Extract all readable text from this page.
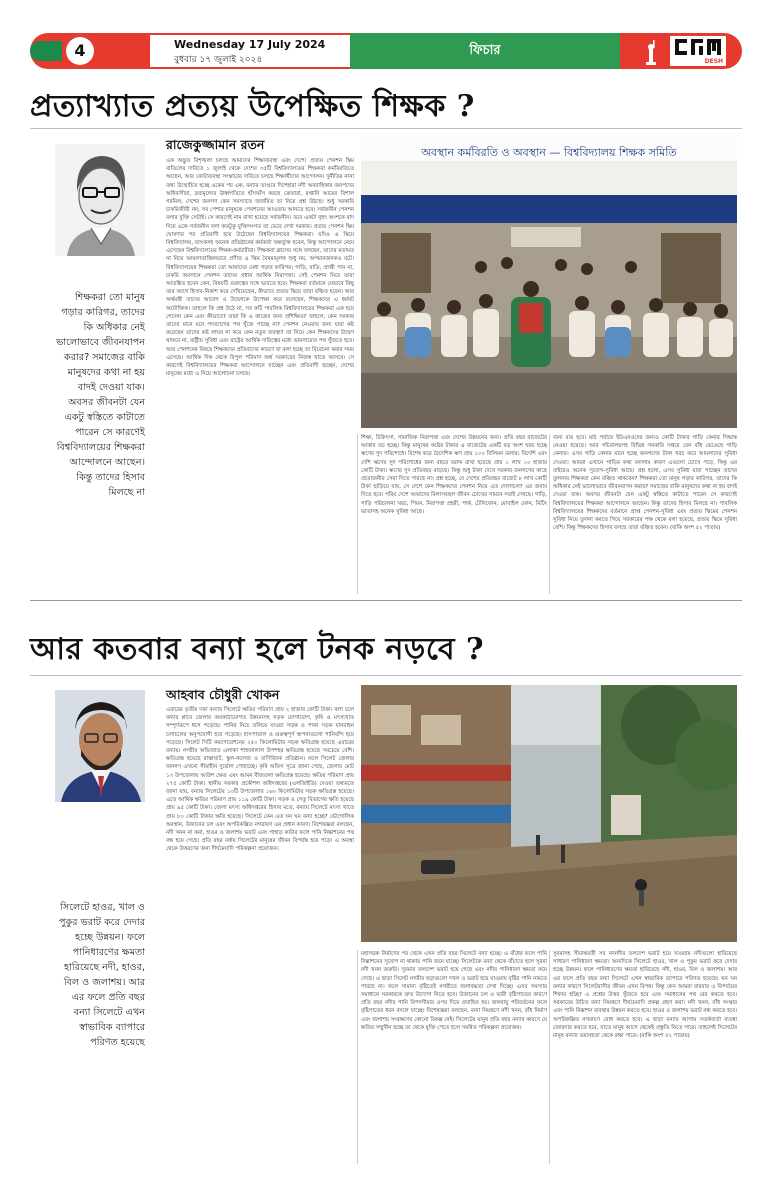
4	Wednesday 17 July 2024
বুধবার ১৭ জুলাই ২০২৪
ফিচার
DESH
প্রত্যাখ্যাত প্রত্যয় উপেক্ষিত শিক্ষক ?
রাজেকুজ্জামান রতন
শিক্ষকরা তো মানুষ গড়ার কারিগর, তাদের কি অধিকার নেই ভালোভাবে জীবনযাপন করার? সমাজের বাকি মানুষদের কথা না হয় বাদই দেওয়া যাক। অবসর জীবনটা যেন একটু স্বস্তিতে কাটাতে পারেন সে কারণেই বিশ্ববিদ্যালয়ের শিক্ষকরা আন্দোলনে আছেন। কিন্তু তাদের হিসাব মিলছে না
এক অদ্ভুত বিশৃঙ্খলা চলছে আমাদের শিক্ষাব্যবস্থা এবং দেশে। প্রত্যয় পেনশন স্কিম বাতিলের দাবিতে ১ জুলাই থেকে দেশের ৩৫টি বিশ্ববিদ্যালয়ের শিক্ষকরা কর্মবিরতিতে আছেন, আর কোটাব্যবস্থা সংস্কারের দাবিতে চলছে শিক্ষার্থীদের আন্দোলন। দুর্নীতির নানা তথ্য উন্মোচিত হচ্ছে একের পর এক, বন্যার তাণ্ডবে দিশেহারা নদী অববাহিকার জনপদের অধিবাসীরা, দ্রব্যমূল্যের ঊর্ধ্বগতিতে হাঁসফাঁস করছে ক্রেতারা, রপ্তানি আয়ের বিশাল গরমিল, দেশের জনগণ কেন সমস্যাতে জর্জরিত তা নিয়ে প্রশ্ন উঠছে। শুধু সরকারি চাকরিজীবী নন, সব পেশার মানুষকে পেনশনের আওতায় আনতে হবে। সর্বজনীন পেনশন বলার যুক্তি সেটাই। সে কারণেই নাম রাখা হয়েছে সর্বজনীন। তবে একটা বৃহৎ অংশকে বাদ দিয়ে একে সর্বজনীন বলা কতটুকু যুক্তিসংগত তা ভেবে দেখা দরকার। প্রত্যয় পেনশন স্কিম ঘোষণার পর প্রতিবাদী হয়ে উঠেছেন বিশ্ববিদ্যালয়ের শিক্ষকরা। যদিও এ স্কিমে বিশ্ববিদ্যালয়, ব্যাংকসহ অনেক প্রতিষ্ঠানের কর্মকর্তা অন্তর্ভুক্ত হবেন, কিন্তু আন্দোলনে নেমে এসেছেন বিশ্ববিদ্যালয়ের শিক্ষক-কর্মচারীরা। শিক্ষকরা ক্লাসের সঙ্গে বলছেন, তাদের মতামত না নিয়ে আমলাতান্ত্রিকভাবে প্রণীত এ স্কিম বৈষম্যমূলক শুধু নয়, অপমানজনকও বটে। বিশ্ববিদ্যালয়ের শিক্ষকরা তো আমাদের মেধা গড়ার কারিগর। গাড়ি, বাড়ি, প্রাপ্তী পান না, চাকরি অবসানে পেনশন তাদের প্রধান আর্থিক নিরাপত্তা। সেই পেনশন নিয়ে তারা আতঙ্কিত হবেন কেন, বিষয়টি গুরুত্বের সঙ্গে ভাবতে হবে। শিক্ষকরা বর্তমানে যেভাবে কিছু তার আগে হিসাব-নিকাশ করে দেখিয়েছেন, কীভাবে প্রত্যয় স্কিমে তারা বঞ্চিত হবেন। আর অর্থমন্ত্রী তাদের আবেগ ও উদ্বেগকে উপেক্ষা করে বলেছেন, শিক্ষকদের এ ধর্মঘট অযৌক্তিক। তাহলে কি প্রশ্ন উঠে না, সব কটি পাবলিক বিশ্ববিদ্যালয়ের শিক্ষকরা এক হয়ে গেলেন কেন এবং কীভাবে? তারা কি এ কাজের জন্য প্রশিক্ষিত? তাহলে, কেন সরকার তাদের মানে মনে পদত্যাগের পথ খুঁজে পাচ্ছে না? পেনশন নেওয়ার জন্য যারা কষ্ট করেছেন তাদের কষ্ট লাঘব না করে কেন নতুন ব্যবস্থা? তা নিয়ে কেন শিক্ষকদের উদ্বেগ থাকবে না, রাষ্ট্রীয় সুবিধা এবং রাষ্ট্রের আর্থিক দায়িত্বের মধ্যে ভারসাম্যের পথ খুঁজতে হবে। আর পেনশনের বিষয়ে শিক্ষকদের প্রতিবাদের কারণে যা বলা হচ্ছে তা বিবেচনা করার সময় এসেছে। আর্থিক দিক থেকে বিপুল পরিমাণ অর্থ সরকারের নিজস্ব খাতে আসবে। সে কারণেই বিশ্ববিদ্যালয়ের শিক্ষকরা আন্দোলনে যাচ্ছেন এবং প্রতিবাদী হচ্ছেন, দেশের মানুষের মধ্যে এ নিয়ে আলোচনা চলছে।
অবস্থান কর্মবিরতি ও অবস্থান — বিশ্ববিদ্যালয় শিক্ষক সমিতি
শিক্ষা, চিকিৎসা, সামাজিক নিরাপত্তা এবং দেশের উন্নয়নের জন্য। প্রতি বছর বাজেটের আকার বড় হচ্ছে। কিন্তু মানুষের কষ্টের টাকার এ বাজেটের একটি বড় অংশ খরচ হচ্ছে ঋণের সুদ পরিশোধে। বিশেষ করে বৈদেশিক ঋণ প্রায় ১০০ বিলিয়ন ডলার। বিদেশি এবং দেশি ঋণের সুদ পরিশোধের জন্য বছরে বরাদ্দ রাখা হয়েছে প্রায় ১ লাখ ১০ হাজার কোটি টাকা। ঋণের সুদ প্রতিবছর বাড়ছে। কিন্তু শুধু টাকা দেখে সরকার জনগণের কাছে প্রয়োজনীয় সেবা দিতে পারছে না। প্রশ্ন হচ্ছে, যে দেশের প্রতিবছর বাজেট ৮ লাখ কোটি টাকা ছাড়িয়ে যায়, সে দেশে কেন শিক্ষকদের পেনশন নিয়ে এত দোলাচল? এর জবাব দিতে হবে। গরিব দেশে আমাদের বিলাসবহুল জীবন চোখের সামনে সবাই দেখছে। গাড়ি, গাড়ি পরিচালনা খরচ, পিয়ন, নিরাপত্তা প্রহরী, পার্ক, টেলিফোন, মোবাইল ফোন, মিটিং ভাতাসহ অনেক সুবিধা আছে।
জন্য ব্যয় হবে। মাঠ পর্যায়ে ইউএনওদের জন্যও কোটি টাকার গাড়ি কেনার সিদ্ধান্ত নেওয়া হয়েছে। আর সচিবালয়সহ বিভিন্ন সরকারি দপ্তরে যেন বাঁধ ভেঙেছে গাড়ি কেনার। এসব গাড়ি কেনার মানে হচ্ছে জনগণের টাকা খরচ করে আমলাদের সুবিধা দেওয়া। আমরা এখানে গাড়ির কথা বললাম কারণ এগুলো চোখে পড়ে, কিন্তু এর বাইরেও অনেক সুযোগ-সুবিধা আছে। প্রশ্ন হলো, এসব সুবিধা যারা পাচ্ছেন তাদের তুলনায় শিক্ষকরা কেন বঞ্চিত থাকবেন? শিক্ষকরা তো মানুষ গড়ার কারিগর, তাদের কি অধিকার নেই ভালোভাবে জীবনযাপন করার? সমাজের বাকি মানুষদের কথা না হয় বাদই দেওয়া যাক। অবসর জীবনটা যেন একটু স্বস্তিতে কাটাতে পারেন সে কারণেই বিশ্ববিদ্যালয়ের শিক্ষকরা আন্দোলনে আছেন। কিন্তু তাদের হিসাব মিলছে না। পাবলিক বিশ্ববিদ্যালয়ের শিক্ষকদের বর্তমানে প্রাপ্ত পেনশন-সুবিধা এবং প্রত্যয় স্কিমের পেনশন সুবিধা নিয়ে তুলনা করতে গিয়ে সরকারের পক্ষ থেকে বলা হয়েছে, প্রত্যয় স্কিমে সুবিধা বেশি। কিন্তু শিক্ষকদের হিসাব বলছে তারা বঞ্চিত হবেন। (বাকি অংশ ৫২ পাতায়)
আর কতবার বন্যা হলে টনক নড়বে ?
আহবাব চৌধুরী খোকন
সিলেটে হাওর, খাল ও পুকুর ভরাট করে দেদার হচ্ছে উন্নয়ন। ফলে পানিধারণের ক্ষমতা হারিয়েছে নদী, হাওর, বিল ও জলাশয়। আর এর ফলে প্রতি বছর বন্যা সিলেটে এখন স্বাভাবিক ব্যাপারে পরিণত হয়েছে
এবারের তৃতীয় দফা বন্যায় সিলেটে ক্ষতির পরিমাণ প্রায় ২ হাজার কোটি টাকা। বলা চলে বন্যার প্লাবে জেলার অবকাঠামোগত উন্নয়নসহ সড়ক যোগাযোগ, কৃষি ও মৎস্যখাত সম্পূর্ণরূপে ধসে পড়েছে। পানির নিচে তলিয়ে যাওয়া সড়ক ও পাকা সড়ক যানবাহন চলাচলের অনুপযোগী হয়ে পড়েছে। হাসপাতাল ও গুরুত্বপূর্ণ স্থাপনাগুলো পানিবন্দি হয়ে পড়েছে। সিলেট সিটি করপোরেশনের ২৫০ কিলোমিটার সড়ক ক্ষতিগ্রস্ত হয়েছে এবারের বন্যায়। নগরীর অভিজাত এলাকা শাহজালাল উপশহর ক্ষতিগ্রস্ত হয়েছে সবচেয়ে বেশি। ক্ষতিগ্রস্ত হয়েছে রাস্তাঘাট, স্কুল-কলেজ ও বাণিজ্যিক প্রতিষ্ঠান। ফলে সিলেট জেলার জনগণ এখনো সীমাহীন দুর্ভোগ পোহাচ্ছে। কৃষি অফিস সূত্রে জানা গেছে, জেলার মোট ১৩ উপজেলায় আউশ ক্ষেত এবং আমন বীজতলা ক্ষতিগ্রস্ত হয়েছে। ক্ষতির পরিমাণ প্রায় ২৭৫ কোটি টাকা। স্থানীয় সরকার প্রকৌশল অধিদপ্তরের (এলজিইডি) দেওয়া তথ্যমতে জানা যায়, বন্যায় সিলেটের ১৩টি উপজেলার ১৬০ কিলোমিটার সড়ক ক্ষতিগ্রস্ত হয়েছে। এতে আর্থিক ক্ষতির পরিমাণ প্রায় ১১৯ কোটি টাকা। সড়ক ও সেতু বিভাগের ক্ষতি হয়েছে প্রায় ৯৫ কোটি টাকা। জেলা মৎস্য অধিদপ্তরের হিসাব মতে, বন্যায় সিলেটে মৎস্য খাতে প্রায় ৮০ কোটি টাকার ক্ষতি হয়েছে। সিলেটে কেন এত ঘন ঘন বন্যা হচ্ছে? ভৌগোলিক অবস্থান, উজানের ঢল এবং অপরিকল্পিত নগরায়ণ এর প্রধান কারণ। বিশেষজ্ঞরা বলছেন, নদী খনন না করা, হাওর ও জলাশয় ভরাট এবং পাহাড় কাটার ফলে পানি নিষ্কাশনের পথ বন্ধ হয়ে গেছে। প্রতি বছর বর্ষায় সিলেটের মানুষের জীবন বিপর্যস্ত হয়ে পড়ে। এ অবস্থা থেকে উত্তরণের জন্য দীর্ঘমেয়াদি পরিকল্পনা প্রয়োজন।
মহাসড়ক নির্মাণের পর থেকে এখন প্রতি বছর সিলেটে বন্যা হচ্ছে। এ বাঁধের ফলে পানি নিষ্কাশনের সুযোগ না থাকায় পানি জমে যাচ্ছে। সিলেটকে বন্যা থেকে বাঁচাতে হলে সুরমা নদী খনন জরুরি। সুরমার তলদেশ ভরাট হয়ে গেছে এবং নদীর পানিধারণ ক্ষমতা কমে গেছে। এ ছাড়া সিলেট নগরীর ছড়াগুলো দখল ও ভরাট হয়ে যাওয়ায় বৃষ্টির পানি নামতে পারছে না। ফলে সামান্য বৃষ্টিতেই নগরীতে জলাবদ্ধতা দেখা দিচ্ছে। এসব সমস্যার সমাধানে সরকারকে দ্রুত উদ্যোগ নিতে হবে। উজানের ঢল ও ভারী বৃষ্টিপাতের কারণে প্রতি বছর নদীর পানি বিপদসীমার ওপর দিয়ে প্রবাহিত হয়। জলবায়ু পরিবর্তনের ফলে বৃষ্টিপাতের ধরন বদলে যাচ্ছে। বিশেষজ্ঞরা বলছেন, বন্যা নিয়ন্ত্রণে নদী খনন, বাঁধ নির্মাণ এবং জলাশয় সংরক্ষণের কোনো বিকল্প নেই। সিলেটের মানুষ প্রতি বছর বন্যার কারণে যে ক্ষতির সম্মুখীন হচ্ছে তা থেকে মুক্তি পেতে হলে সমন্বিত পরিকল্পনা প্রয়োজন।
সুরমাসহ সীমান্তবর্তী সব নদনদীর তলদেশ ভরাট হয়ে যাওয়ায় নদীগুলো হারিয়েছে সাধারণ পানিধারণ ক্ষমতা। অন্যদিকে সিলেটে হাওর, খাল ও পুকুর ভরাট করে দেদার হচ্ছে উন্নয়ন। ফলে পানিধারণের ক্ষমতা হারিয়েছে নদী, হাওর, বিল ও জলাশয়। আর এর ফলে প্রতি বছর বন্যা সিলেটে এখন স্বাভাবিক ব্যাপারে পরিণত হয়েছে। ঘন ঘন বন্যার কারণে সিলেটবাসীর জীবন এখন বিপন্ন। কিন্তু কেন আমরা বারবার এ বিপর্যয়ের শিকার হচ্ছি? এ প্রশ্নের উত্তর খুঁজতে হবে এবং সমাধানের পথ বের করতে হবে। সরকারের উচিত বন্যা নিয়ন্ত্রণে দীর্ঘমেয়াদি প্রকল্প গ্রহণ করা। নদী খনন, বাঁধ সংস্কার এবং পানি নিষ্কাশন ব্যবস্থার উন্নয়ন করতে হবে। হাওর ও জলাশয় ভরাট বন্ধ করতে হবে। অপরিকল্পিত নগরায়ণ রোধ করতে হবে। এ ছাড়া বন্যার আগাম সতর্কবার্তা ব্যবস্থা জোরদার করতে হবে, যাতে মানুষ আগে থেকেই প্রস্তুতি নিতে পারে। তাহলেই সিলেটের মানুষ বন্যার ভয়াবহতা থেকে রক্ষা পাবে। (বাকি অংশ ৫২ পাতায়)
